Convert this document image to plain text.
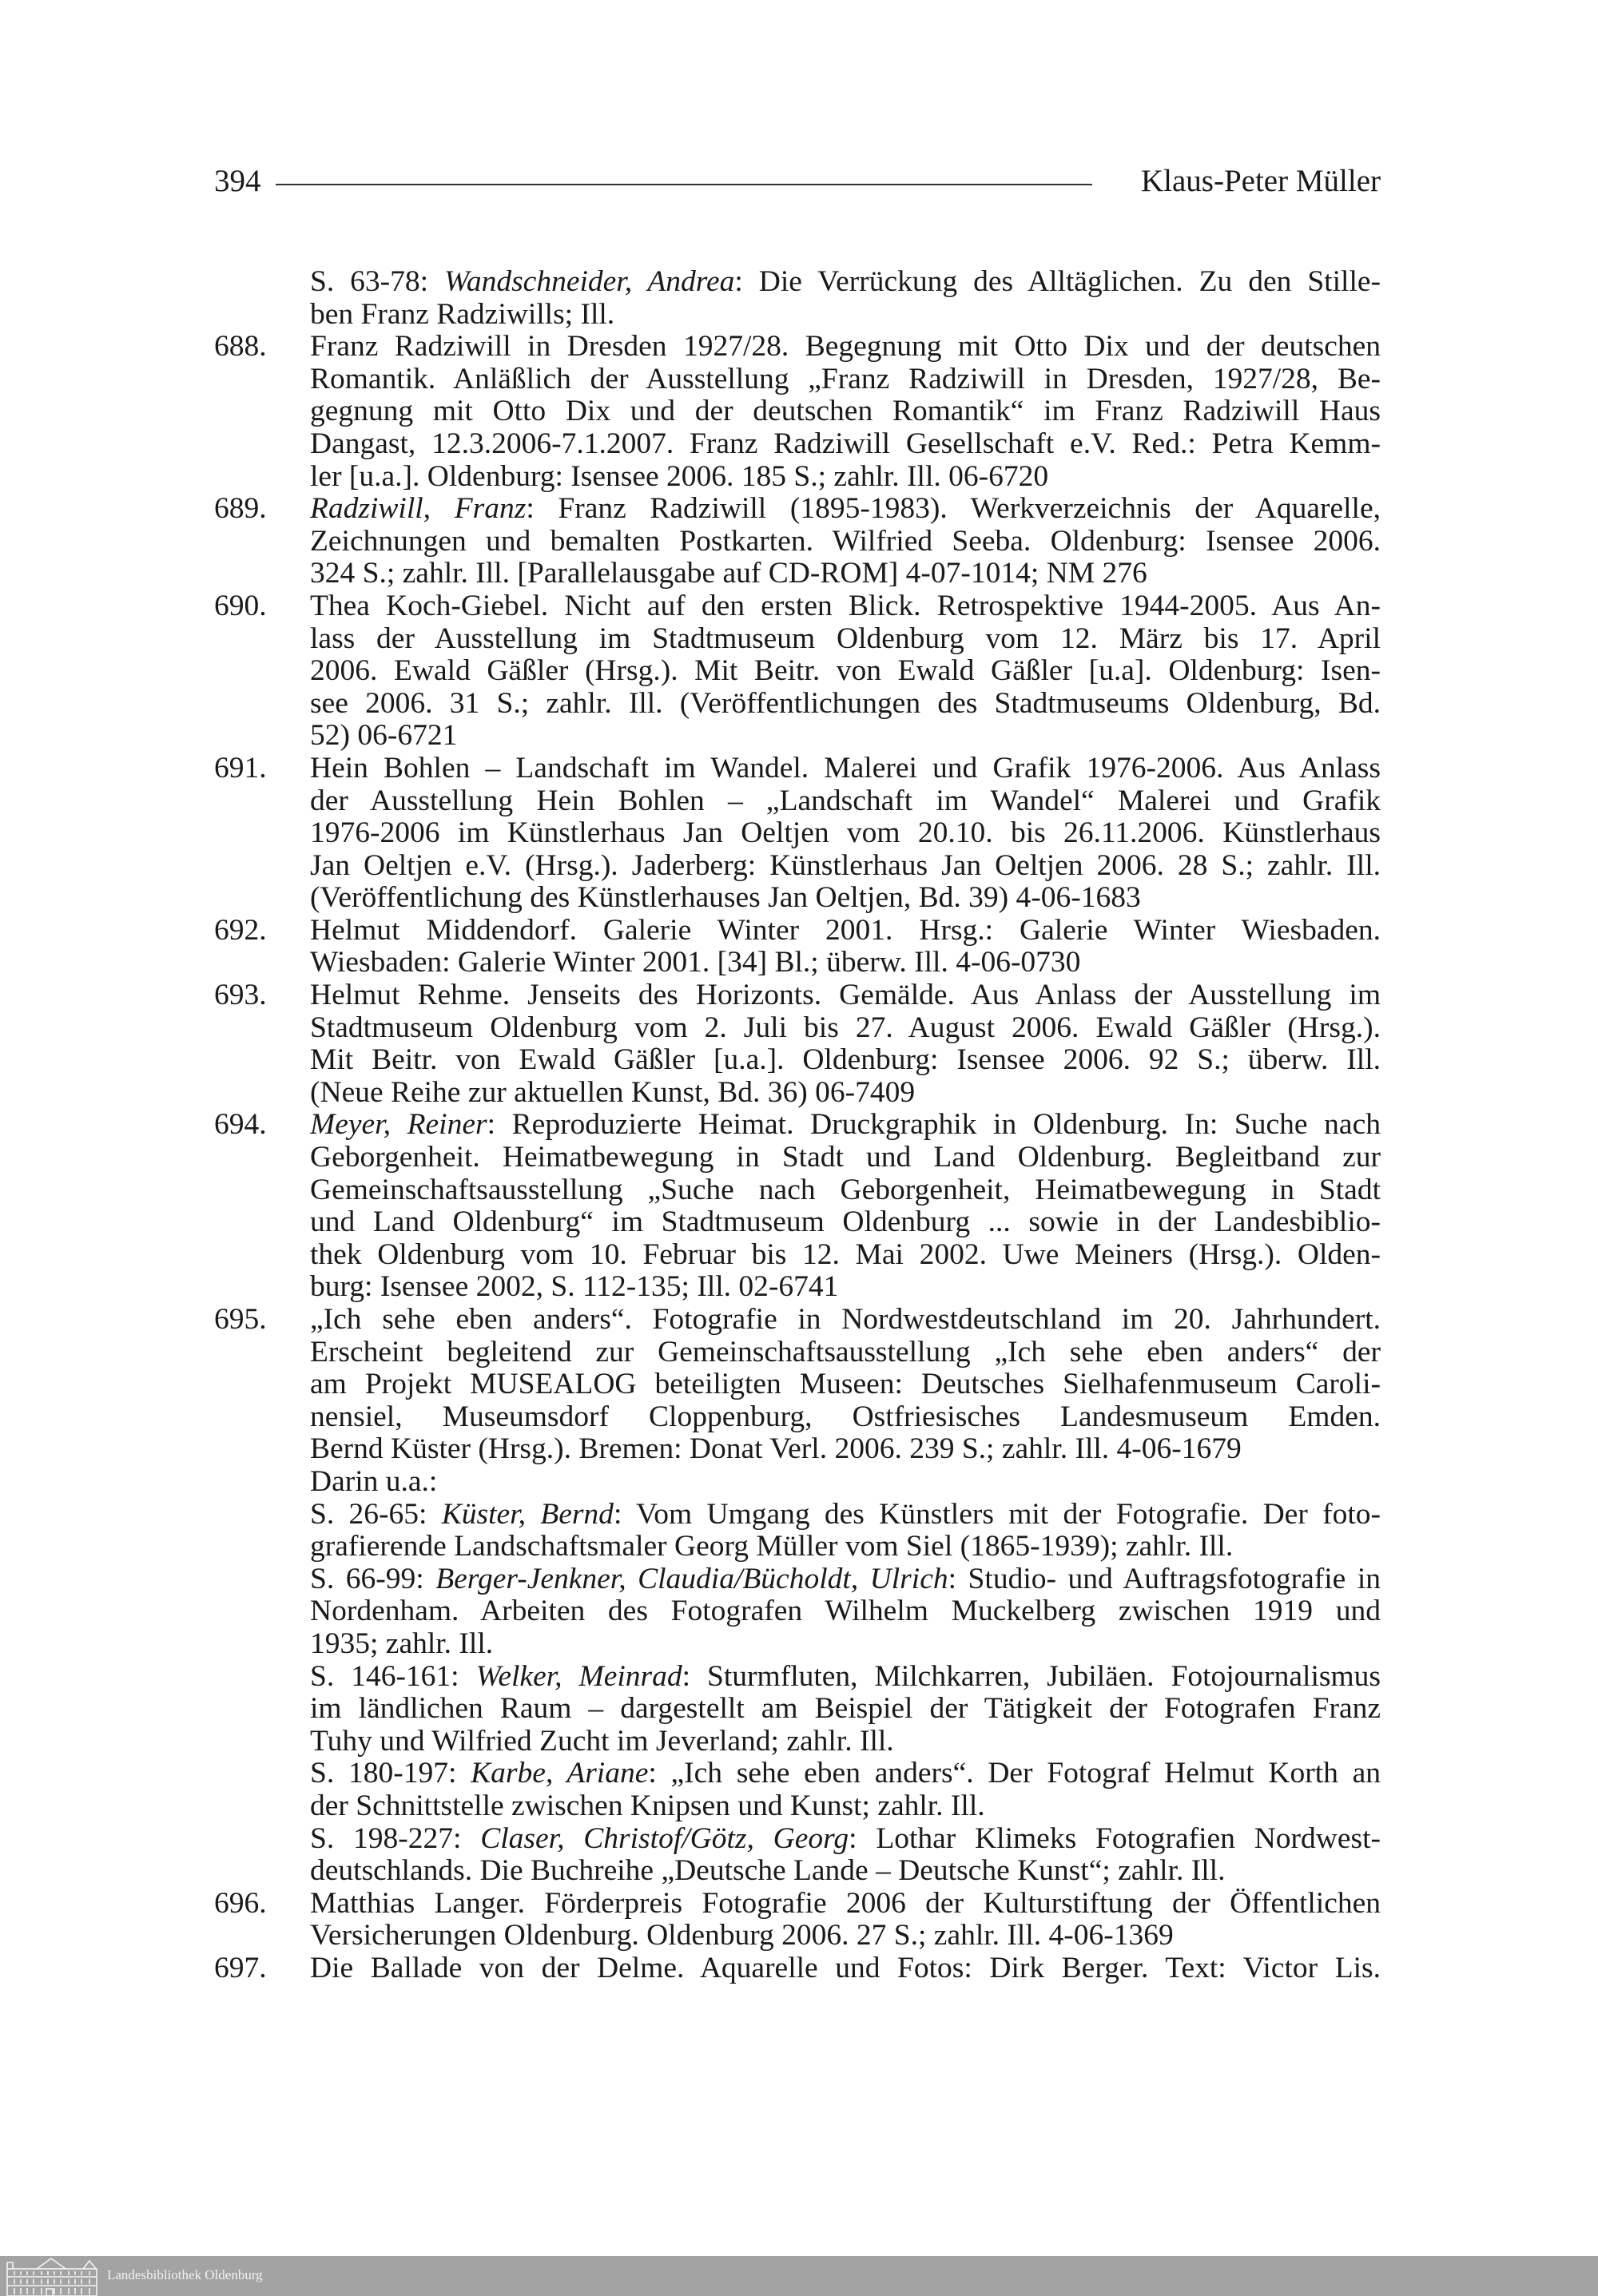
394	Klaus-Peter Müller
S. 63-78: Wandschneider, Andrea: Die Verrückung des Alltäglichen. Zu den Stille-
ben Franz Radziwills; Ill.
688. Franz Radziwill in Dresden 1927/28. Begegnung mit Otto Dix und der deutschen
Romantik. Anläßlich der Ausstellung „Franz Radziwill in Dresden, 1927/28, Be-
gegnung mit Otto Dix und der deutschen Romantik“ im Franz Radziwill Haus
Dangast, 12.3.2006-7.1.2007. Franz Radziwill Gesellschaft e.V. Red.: Petra Kemm-
ler [u.a.]. Oldenburg: Isensee 2006. 185 S.; zahlr. Ill. 06-6720
689. Radziwill, Franz: Franz Radziwill (1895-1983). Werkverzeichnis der Aquarelle,
Zeichnungen und bemalten Postkarten. Wilfried Seeba. Oldenburg: Isensee 2006.
324 S.; zahlr. Ill. [Parallelausgabe auf CD-ROM] 4-07-1014; NM 276
690. Thea Koch-Giebel. Nicht auf den ersten Blick. Retrospektive 1944-2005. Aus An-
lass der Ausstellung im Stadtmuseum Oldenburg vom 12. März bis 17. April
2006. Ewald Gäßler (Hrsg.). Mit Beitr. von Ewald Gäßler [u.a]. Oldenburg: Isen-
see 2006. 31 S.; zahlr. Ill. (Veröffentlichungen des Stadtmuseums Oldenburg, Bd.
52) 06-6721
691. Hein Bohlen – Landschaft im Wandel. Malerei und Grafik 1976-2006. Aus Anlass
der Ausstellung Hein Bohlen – „Landschaft im Wandel“ Malerei und Grafik
1976-2006 im Künstlerhaus Jan Oeltjen vom 20.10. bis 26.11.2006. Künstlerhaus
Jan Oeltjen e.V. (Hrsg.). Jaderberg: Künstlerhaus Jan Oeltjen 2006. 28 S.; zahlr. Ill.
(Veröffentlichung des Künstlerhauses Jan Oeltjen, Bd. 39) 4-06-1683
692. Helmut Middendorf. Galerie Winter 2001. Hrsg.: Galerie Winter Wiesbaden.
Wiesbaden: Galerie Winter 2001. [34] Bl.; überw. Ill. 4-06-0730
693. Helmut Rehme. Jenseits des Horizonts. Gemälde. Aus Anlass der Ausstellung im
Stadtmuseum Oldenburg vom 2. Juli bis 27. August 2006. Ewald Gäßler (Hrsg.).
Mit Beitr. von Ewald Gäßler [u.a.]. Oldenburg: Isensee 2006. 92 S.; überw. Ill.
(Neue Reihe zur aktuellen Kunst, Bd. 36) 06-7409
694. Meyer, Reiner: Reproduzierte Heimat. Druckgraphik in Oldenburg. In: Suche nach
Geborgenheit. Heimatbewegung in Stadt und Land Oldenburg. Begleitband zur
Gemeinschaftsausstellung „Suche nach Geborgenheit, Heimatbewegung in Stadt
und Land Oldenburg“ im Stadtmuseum Oldenburg ... sowie in der Landesbiblio-
thek Oldenburg vom 10. Februar bis 12. Mai 2002. Uwe Meiners (Hrsg.). Olden-
burg: Isensee 2002, S. 112-135; Ill. 02-6741
695. „Ich sehe eben anders“. Fotografie in Nordwestdeutschland im 20. Jahrhundert.
Erscheint begleitend zur Gemeinschaftsausstellung „Ich sehe eben anders“ der
am Projekt MUSEALOG beteiligten Museen: Deutsches Sielhafenmuseum Caroli-
nensiel, Museumsdorf Cloppenburg, Ostfriesisches Landesmuseum Emden.
Bernd Küster (Hrsg.). Bremen: Donat Verl. 2006. 239 S.; zahlr. Ill. 4-06-1679
Darin u.a.:
S. 26-65: Küster, Bernd: Vom Umgang des Künstlers mit der Fotografie. Der foto-
grafierende Landschaftsmaler Georg Müller vom Siel (1865-1939); zahlr. Ill.
S. 66-99: Berger-Jenkner, Claudia/Bücholdt, Ulrich: Studio- und Auftragsfotografie in
Nordenham. Arbeiten des Fotografen Wilhelm Muckelberg zwischen 1919 und
1935; zahlr. Ill.
S. 146-161: Welker, Meinrad: Sturmfluten, Milchkarren, Jubiläen. Fotojournalismus
im ländlichen Raum – dargestellt am Beispiel der Tätigkeit der Fotografen Franz
Tuhy und Wilfried Zucht im Jeverland; zahlr. Ill.
S. 180-197: Karbe, Ariane: „Ich sehe eben anders“. Der Fotograf Helmut Korth an
der Schnittstelle zwischen Knipsen und Kunst; zahlr. Ill.
S. 198-227: Claser, Christof/Götz, Georg: Lothar Klimeks Fotografien Nordwest-
deutschlands. Die Buchreihe „Deutsche Lande – Deutsche Kunst“; zahlr. Ill.
696. Matthias Langer. Förderpreis Fotografie 2006 der Kulturstiftung der Öffentlichen
Versicherungen Oldenburg. Oldenburg 2006. 27 S.; zahlr. Ill. 4-06-1369
697. Die Ballade von der Delme. Aquarelle und Fotos: Dirk Berger. Text: Victor Lis.
Landesbibliothek Oldenburg
